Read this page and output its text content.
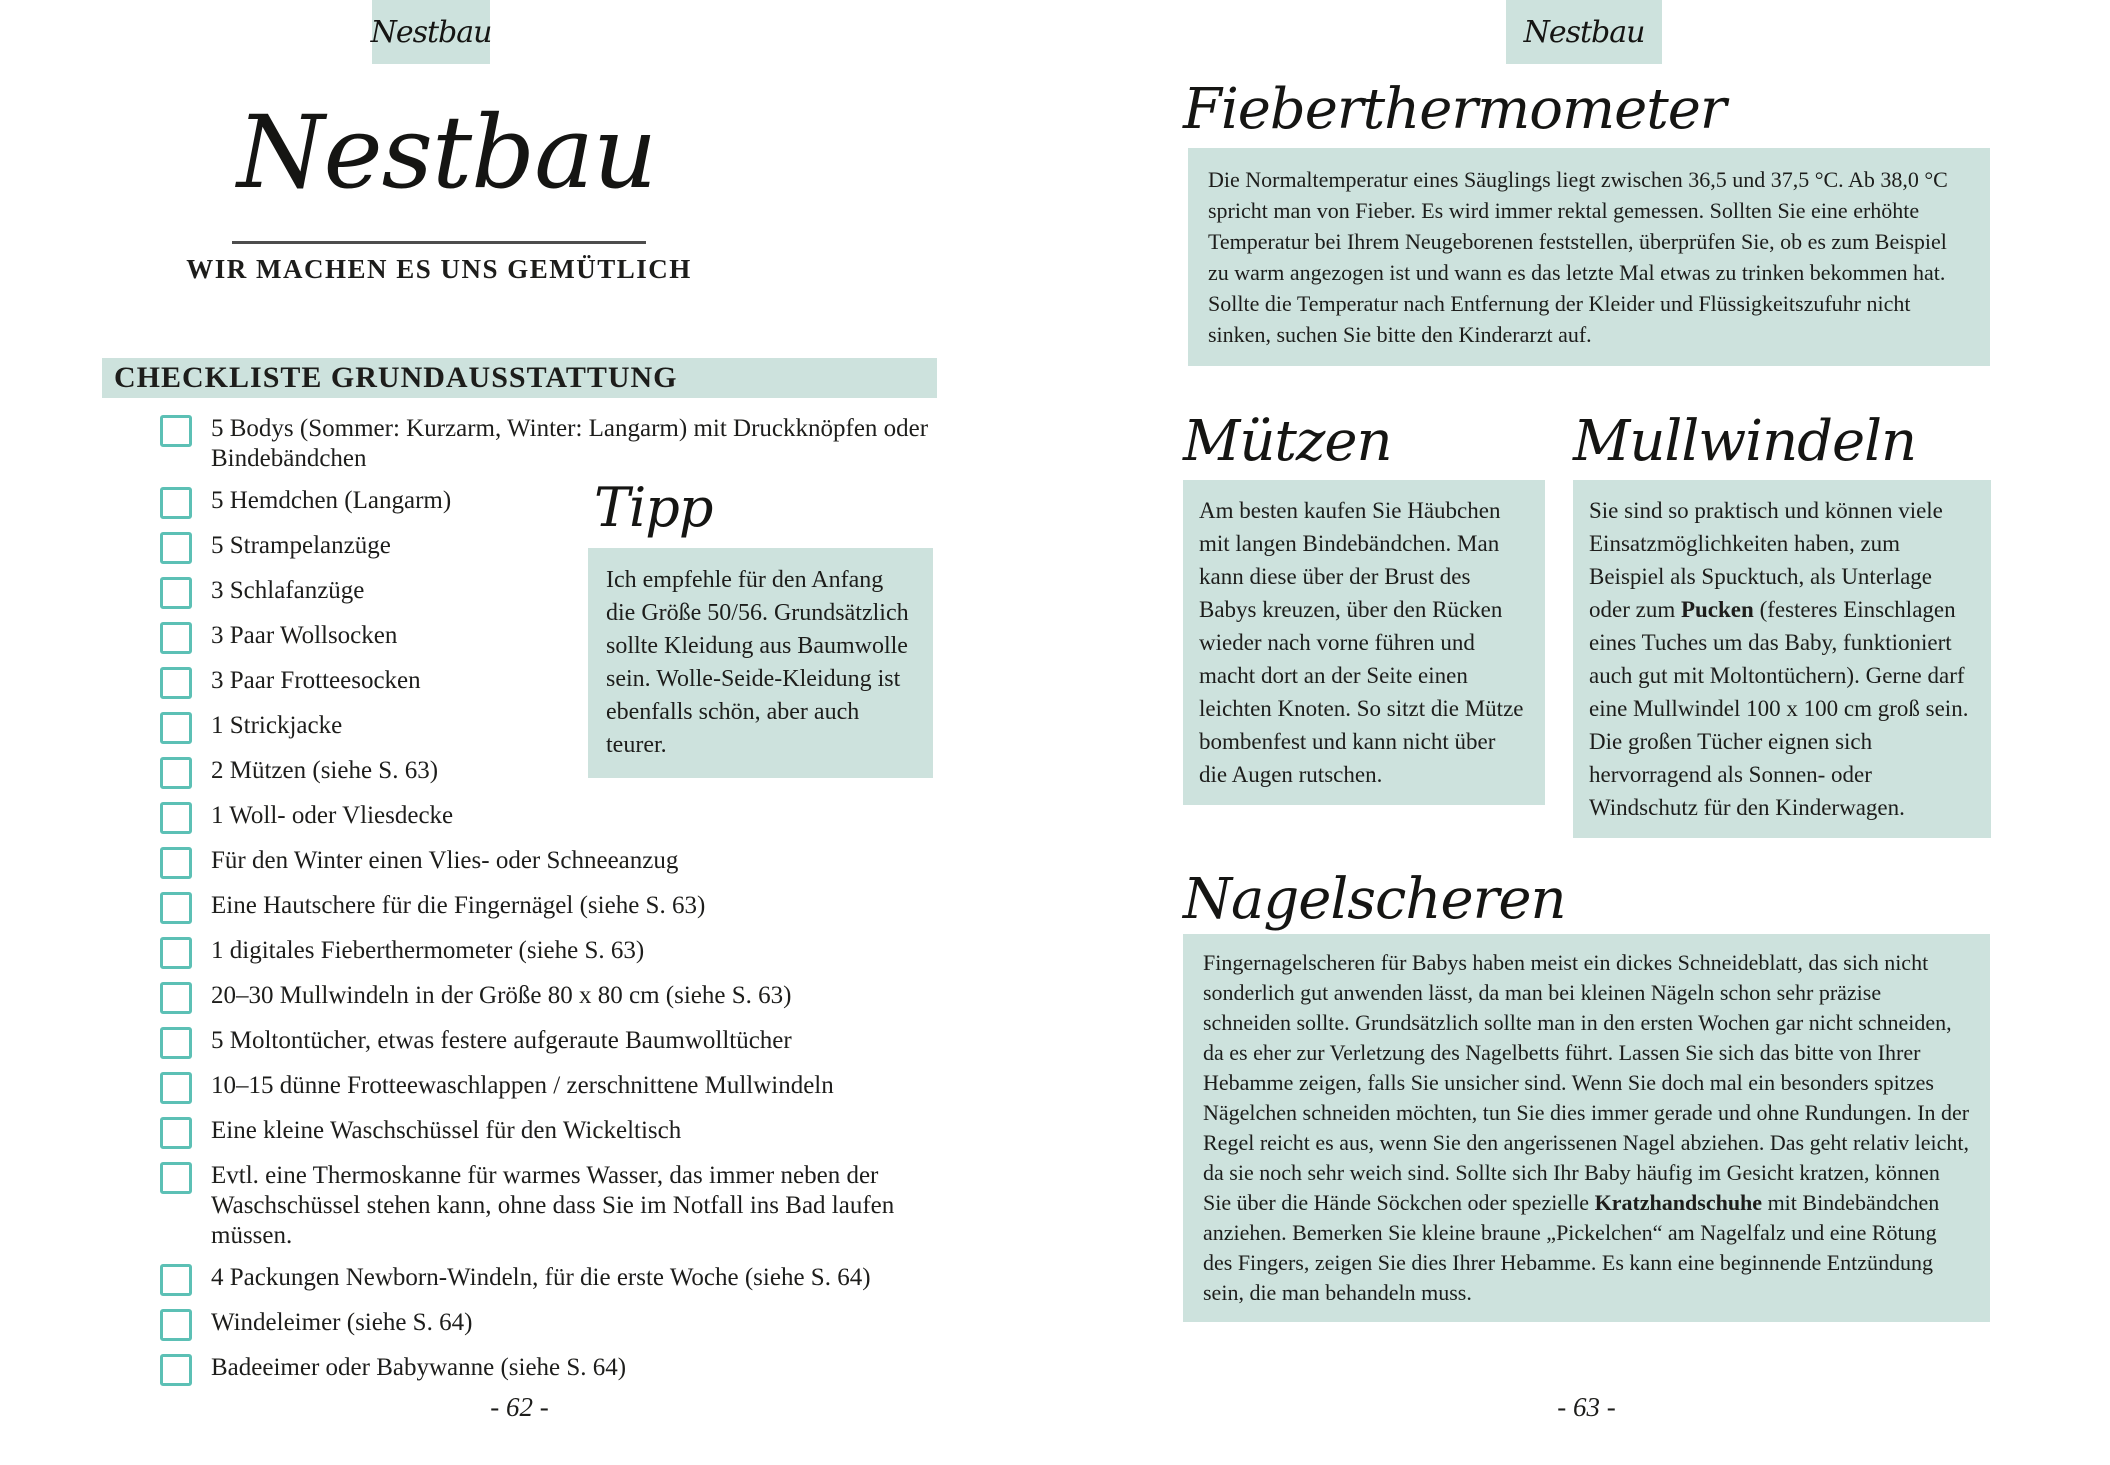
Nestbau	Nestbau
Nestbau
WIR MACHEN ES UNS GEMÜTLICH
CHECKLISTE GRUNDAUSSTATTUNG
5 Bodys (Sommer: Kurzarm, Winter: Langarm) mit Druckknöpfen oder Bindebändchen
5 Hemdchen (Langarm)
5 Strampelanzüge
3 Schlafanzüge
3 Paar Wollsocken
3 Paar Frotteesocken
1 Strickjacke
2 Mützen (siehe S. 63)
1 Woll- oder Vliesdecke
Für den Winter einen Vlies- oder Schneeanzug
Eine Hautschere für die Fingernägel (siehe S. 63)
1 digitales Fieberthermometer (siehe S. 63)
20–30 Mullwindeln in der Größe 80 x 80 cm (siehe S. 63)
5 Moltontücher, etwas festere aufgeraute Baumwolltücher
10–15 dünne Frotteewaschlappen / zerschnittene Mullwindeln
Eine kleine Waschschüssel für den Wickeltisch
Evtl. eine Thermoskanne für warmes Wasser, das immer neben der Waschschüssel stehen kann, ohne dass Sie im Notfall ins Bad laufen müssen.
4 Packungen Newborn-Windeln, für die erste Woche (siehe S. 64)
Windeleimer (siehe S. 64)
Badeeimer oder Babywanne (siehe S. 64)
Tipp
Ich empfehle für den Anfang die Größe 50/56. Grundsätzlich sollte Kleidung aus Baumwolle sein. Wolle-Seide-Kleidung ist ebenfalls schön, aber auch teurer.
- 62 -
Fieberthermometer
Die Normaltemperatur eines Säuglings liegt zwischen 36,5 und 37,5 °C. Ab 38,0 °C spricht man von Fieber. Es wird immer rektal gemessen. Sollten Sie eine erhöhte Temperatur bei Ihrem Neugeborenen feststellen, überprüfen Sie, ob es zum Beispiel zu warm angezogen ist und wann es das letzte Mal etwas zu trinken bekommen hat. Sollte die Temperatur nach Entfernung der Kleider und Flüssigkeitszufuhr nicht sinken, suchen Sie bitte den Kinderarzt auf.
Mützen
Am besten kaufen Sie Häubchen mit langen Bindebändchen. Man kann diese über der Brust des Babys kreuzen, über den Rücken wieder nach vorne führen und macht dort an der Seite einen leichten Knoten. So sitzt die Mütze bombenfest und kann nicht über die Augen rutschen.
Mullwindeln
Sie sind so praktisch und können viele Einsatzmöglichkeiten haben, zum Beispiel als Spucktuch, als Unterlage oder zum Pucken (festeres Einschlagen eines Tuches um das Baby, funktioniert auch gut mit Moltontüchern). Gerne darf eine Mullwindel 100 x 100 cm groß sein. Die großen Tücher eignen sich hervorragend als Sonnen- oder Windschutz für den Kinderwagen.
Nagelscheren
Fingernagelscheren für Babys haben meist ein dickes Schneideblatt, das sich nicht sonderlich gut anwenden lässt, da man bei kleinen Nägeln schon sehr präzise schneiden sollte. Grundsätzlich sollte man in den ersten Wochen gar nicht schneiden, da es eher zur Verletzung des Nagelbetts führt. Lassen Sie sich das bitte von Ihrer Hebamme zeigen, falls Sie unsicher sind. Wenn Sie doch mal ein besonders spitzes Nägelchen schneiden möchten, tun Sie dies immer gerade und ohne Rundungen. In der Regel reicht es aus, wenn Sie den angerissenen Nagel abziehen. Das geht relativ leicht, da sie noch sehr weich sind. Sollte sich Ihr Baby häufig im Gesicht kratzen, können Sie über die Hände Söckchen oder spezielle Kratzhandschuhe mit Bindebändchen anziehen. Bemerken Sie kleine braune „Pickelchen“ am Nagelfalz und eine Rötung des Fingers, zeigen Sie dies Ihrer Hebamme. Es kann eine beginnende Entzündung sein, die man behandeln muss.
- 63 -
